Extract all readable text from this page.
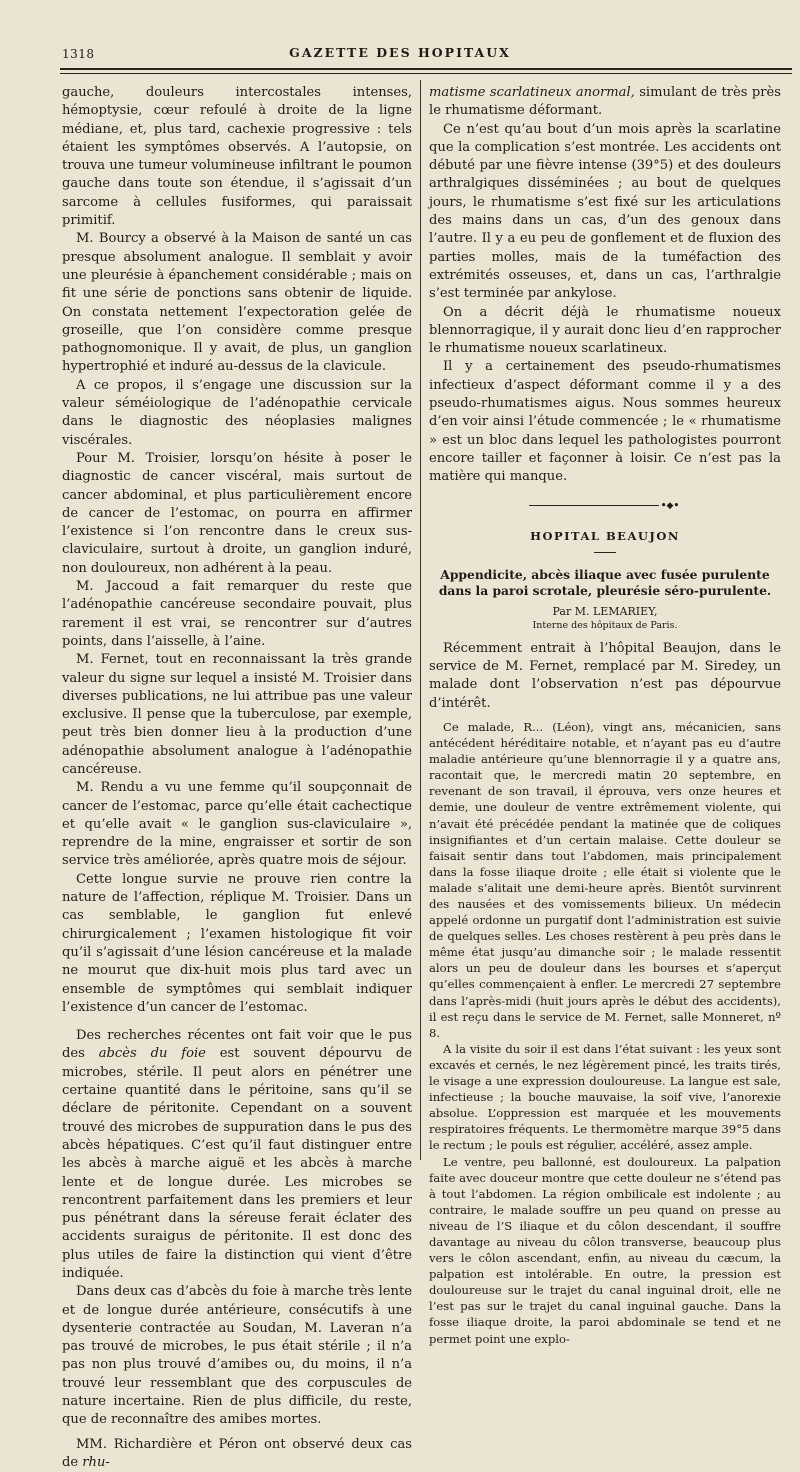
1318	GAZETTE DES HOPITAUX

gauche, douleurs intercostales intenses, hémoptysie, cœur refoulé à droite de la ligne médiane, et, plus tard, cachexie progressive : tels étaient les symptômes observés. A l’autopsie, on trouva une tumeur volumineuse infiltrant le poumon gauche dans toute son étendue, il s’agissait d’un sarcome à cellules fusiformes, qui paraissait primitif.

M. Bourcy a observé à la Maison de santé un cas presque absolument analogue. Il semblait y avoir une pleurésie à épanchement considérable ; mais on fit une série de ponctions sans obtenir de liquide. On constata nettement l’expectoration gelée de groseille, que l’on considère comme presque pathognomonique. Il y avait, de plus, un ganglion hypertrophié et induré au-dessus de la clavicule.

A ce propos, il s’engage une discussion sur la valeur séméiologique de l’adénopathie cervicale dans le diagnostic des néoplasies malignes viscérales.

Pour M. Troisier, lorsqu’on hésite à poser le diagnostic de cancer viscéral, mais surtout de cancer abdominal, et plus particulièrement encore de cancer de l’estomac, on pourra en affirmer l’existence si l’on rencontre dans le creux sus-claviculaire, surtout à droite, un ganglion induré, non douloureux, non adhérent à la peau.

M. Jaccoud a fait remarquer du reste que l’adénopathie cancéreuse secondaire pouvait, plus rarement il est vrai, se rencontrer sur d’autres points, dans l’aisselle, à l’aine.

M. Fernet, tout en reconnaissant la très grande valeur du signe sur lequel a insisté M. Troisier dans diverses publications, ne lui attribue pas une valeur exclusive. Il pense que la tuberculose, par exemple, peut très bien donner lieu à la production d’une adénopathie absolument analogue à l’adénopathie cancéreuse.

M. Rendu a vu une femme qu’il soupçonnait de cancer de l’estomac, parce qu’elle était cachectique et qu’elle avait « le ganglion sus-claviculaire », reprendre de la mine, engraisser et sortir de son service très améliorée, après quatre mois de séjour.

Cette longue survie ne prouve rien contre la nature de l’affection, réplique M. Troisier. Dans un cas semblable, le ganglion fut enlevé chirurgicalement ; l’examen histologique fit voir qu’il s’agissait d’une lésion cancéreuse et la malade ne mourut que dix-huit mois plus tard avec un ensemble de symptômes qui semblait indiquer l’existence d’un cancer de l’estomac.

Des recherches récentes ont fait voir que le pus des abcès du foie est souvent dépourvu de microbes, stérile. Il peut alors en pénétrer une certaine quantité dans le péritoine, sans qu’il se déclare de péritonite. Cependant on a souvent trouvé des microbes de suppuration dans le pus des abcès hépatiques. C’est qu’il faut distinguer entre les abcès à marche aiguë et les abcès à marche lente et de longue durée. Les microbes se rencontrent parfaitement dans les premiers et leur pus pénétrant dans la séreuse ferait éclater des accidents suraigus de péritonite. Il est donc des plus utiles de faire la distinction qui vient d’être indiquée.

Dans deux cas d’abcès du foie à marche très lente et de longue durée antérieure, consécutifs à une dysenterie contractée au Soudan, M. Laveran n’a pas trouvé de microbes, le pus était stérile ; il n’a pas non plus trouvé d’amibes ou, du moins, il n’a trouvé leur ressemblant que des corpuscules de nature incertaine. Rien de plus difficile, du reste, que de reconnaître des amibes mortes.

MM. Richardière et Péron ont observé deux cas de rhu-

matisme scarlatineux anormal, simulant de très près le rhumatisme déformant.

Ce n’est qu’au bout d’un mois après la scarlatine que la complication s’est montrée. Les accidents ont débuté par une fièvre intense (39°5) et des douleurs arthralgiques disséminées ; au bout de quelques jours, le rhumatisme s’est fixé sur les articulations des mains dans un cas, d’un des genoux dans l’autre. Il y a eu peu de gonflement et de fluxion des parties molles, mais de la tuméfaction des extrémités osseuses, et, dans un cas, l’arthralgie s’est terminée par ankylose.

On a décrit déjà le rhumatisme noueux blennorragique, il y aurait donc lieu d’en rapprocher le rhumatisme noueux scarlatineux.

Il y a certainement des pseudo-rhumatismes infectieux d’aspect déformant comme il y a des pseudo-rhumatismes aigus. Nous sommes heureux d’en voir ainsi l’étude commencée ; le « rhumatisme » est un bloc dans lequel les pathologistes pourront encore tailler et façonner à loisir. Ce n’est pas la matière qui manque.

•◆•
HOPITAL BEAUJON
Appendicite, abcès iliaque avec fusée purulente dans la paroi scrotale, pleurésie séro-purulente.
Par M. LEMARIEY,
Interne des hôpitaux de Paris.

Récemment entrait à l’hôpital Beaujon, dans le service de M. Fernet, remplacé par M. Siredey, un malade dont l’observation n’est pas dépourvue d’intérêt.

Ce malade, R... (Léon), vingt ans, mécanicien, sans antécédent héréditaire notable, et n’ayant pas eu d’autre maladie antérieure qu’une blennorragie il y a quatre ans, racontait que, le mercredi matin 20 septembre, en revenant de son travail, il éprouva, vers onze heures et demie, une douleur de ventre extrêmement violente, qui n’avait été précédée pendant la matinée que de coliques insignifiantes et d’un certain malaise. Cette douleur se faisait sentir dans tout l’abdomen, mais principalement dans la fosse iliaque droite ; elle était si violente que le malade s’alitait une demi-heure après. Bientôt survinrent des nausées et des vomissements bilieux. Un médecin appelé ordonne un purgatif dont l’administration est suivie de quelques selles. Les choses restèrent à peu près dans le même état jusqu’au dimanche soir ; le malade ressentit alors un peu de douleur dans les bourses et s’aperçut qu’elles commençaient à enfler. Le mercredi 27 septembre dans l’après-midi (huit jours après le début des accidents), il est reçu dans le service de M. Fernet, salle Monneret, nº 8.

A la visite du soir il est dans l’état suivant : les yeux sont excavés et cernés, le nez légèrement pincé, les traits tirés, le visage a une expression douloureuse. La langue est sale, infectieuse ; la bouche mauvaise, la soif vive, l’anorexie absolue. L’oppression est marquée et les mouvements respiratoires fréquents. Le thermomètre marque 39°5 dans le rectum ; le pouls est régulier, accéléré, assez ample.

Le ventre, peu ballonné, est douloureux. La palpation faite avec douceur montre que cette douleur ne s’étend pas à tout l’abdomen. La région ombilicale est indolente ; au contraire, le malade souffre un peu quand on presse au niveau de l’S iliaque et du côlon descendant, il souffre davantage au niveau du côlon transverse, beaucoup plus vers le côlon ascendant, enfin, au niveau du cæcum, la palpation est intolérable. En outre, la pression est douloureuse sur le trajet du canal inguinal droit, elle ne l’est pas sur le trajet du canal inguinal gauche. Dans la fosse iliaque droite, la paroi abdominale se tend et ne permet point une explo-
